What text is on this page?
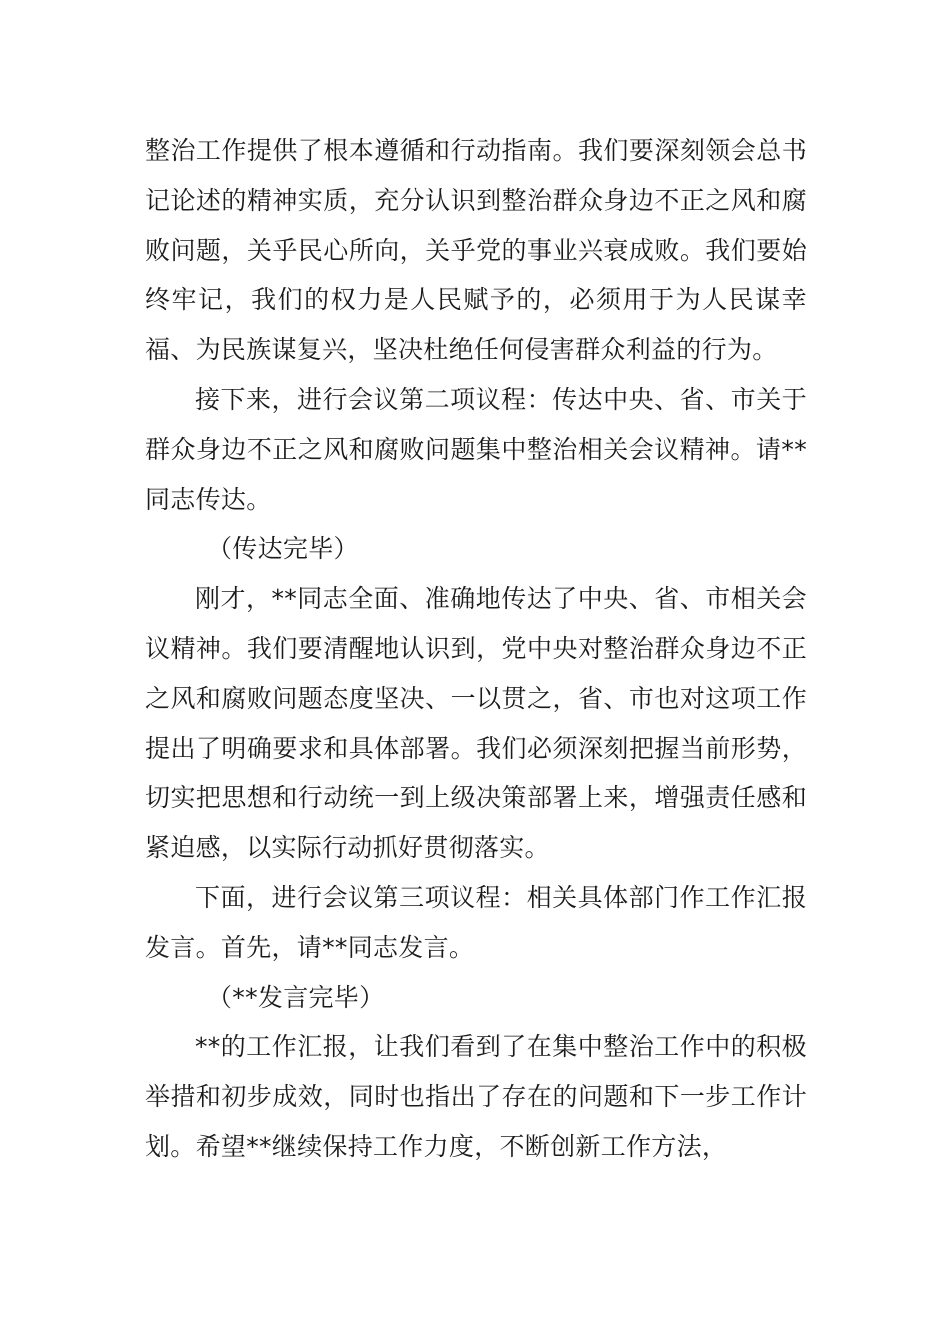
整治工作提供了根本遵循和行动指南。我们要深刻领会总书记论述的精神实质，充分认识到整治群众身边不正之风和腐败问题，关乎民心所向，关乎党的事业兴衰成败。我们要始终牢记，我们的权力是人民赋予的，必须用于为人民谋幸福、为民族谋复兴，坚决杜绝任何侵害群众利益的行为。

接下来，进行会议第二项议程：传达中央、省、市关于群众身边不正之风和腐败问题集中整治相关会议精神。请**同志传达。

（传达完毕）

刚才，**同志全面、准确地传达了中央、省、市相关会议精神。我们要清醒地认识到，党中央对整治群众身边不正之风和腐败问题态度坚决、一以贯之，省、市也对这项工作提出了明确要求和具体部署。我们必须深刻把握当前形势，切实把思想和行动统一到上级决策部署上来，增强责任感和紧迫感，以实际行动抓好贯彻落实。

下面，进行会议第三项议程：相关具体部门作工作汇报发言。首先，请**同志发言。

（**发言完毕）

**的工作汇报，让我们看到了在集中整治工作中的积极举措和初步成效，同时也指出了存在的问题和下一步工作计划。希望**继续保持工作力度，不断创新工作方法，
